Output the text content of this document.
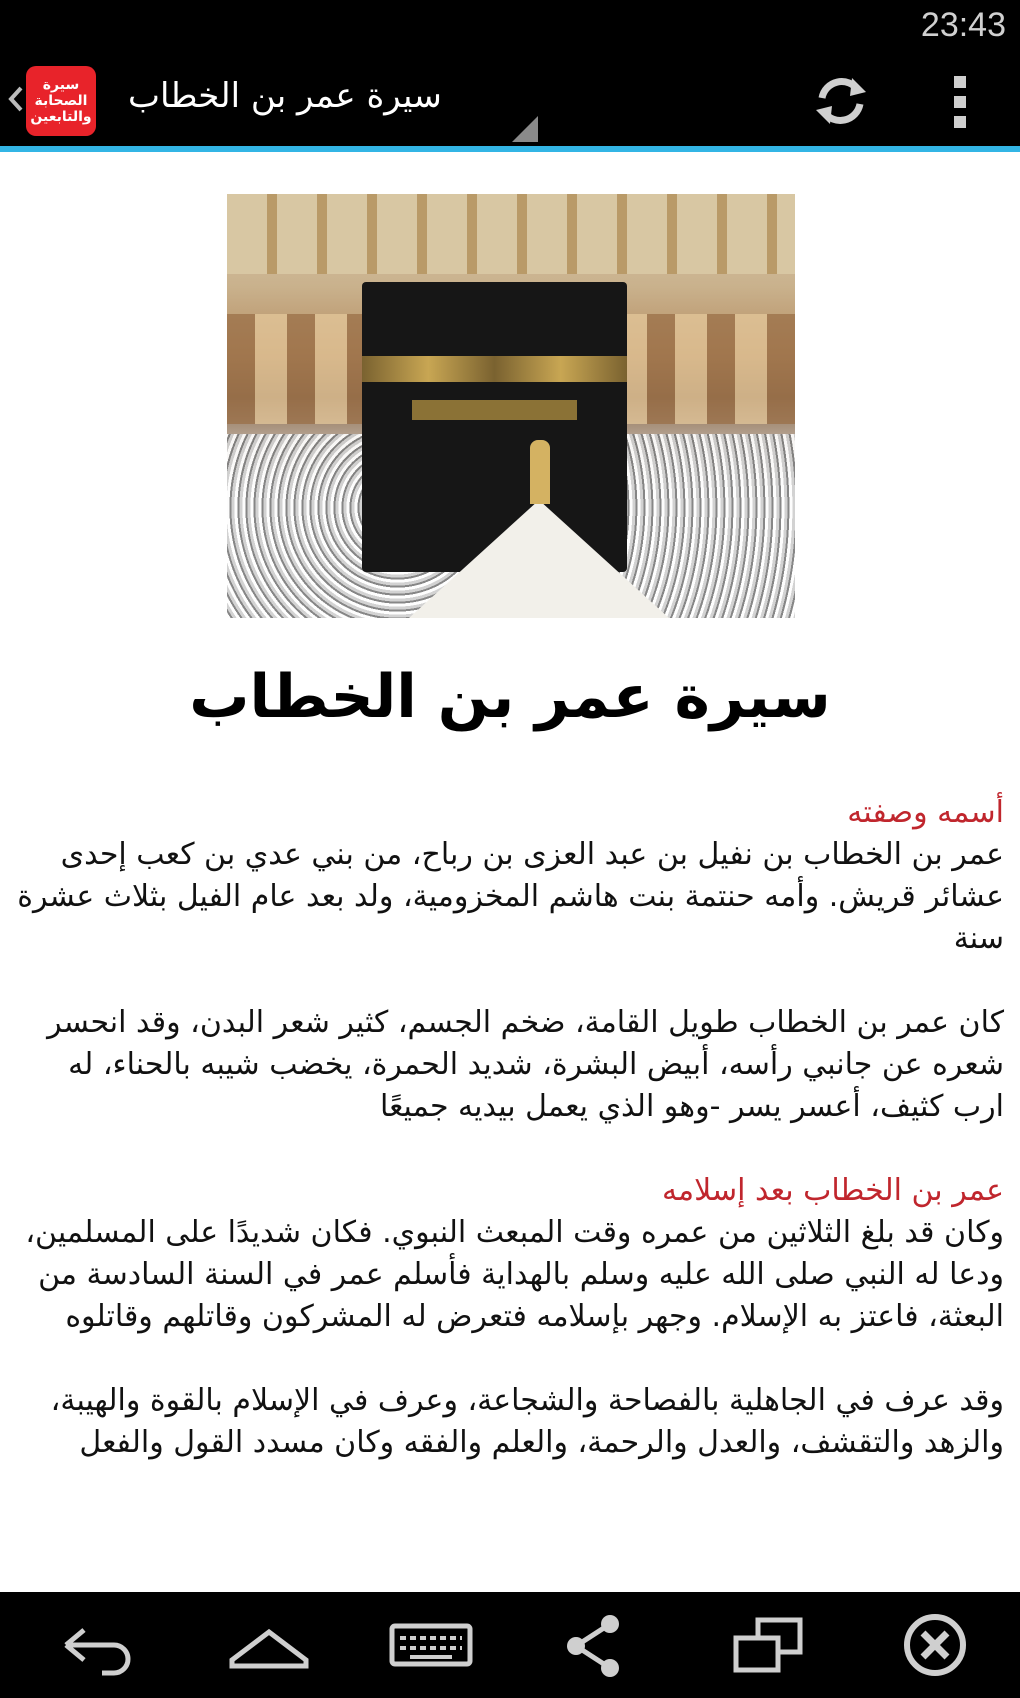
23:43
سيرة الصحابة والتابعين
سيرة عمر بن الخطاب
سيرة عمر بن الخطاب
أسمه وصفته

عمر بن الخطاب بن نفيل بن عبد العزى بن رباح، من بني عدي بن كعب إحدى عشائر قريش. وأمه حنتمة بنت هاشم المخزومية، ولد بعد عام الفيل بثلاث عشرة سنة

كان عمر بن الخطاب طويل القامة، ضخم الجسم، كثير شعر البدن، وقد انحسر شعره عن جانبي رأسه، أبيض البشرة، شديد الحمرة، يخضب شيبه بالحناء، له ارب كثيف، أعسر يسر -وهو الذي يعمل بيديه جميعًا

عمر بن الخطاب بعد إسلامه

وكان قد بلغ الثلاثين من عمره وقت المبعث النبوي. فكان شديدًا على المسلمين، ودعا له النبي صلى الله عليه وسلم بالهداية فأسلم عمر في السنة السادسة من البعثة، فاعتز به الإسلام. وجهر بإسلامه فتعرض له المشركون وقاتلهم وقاتلوه

وقد عرف في الجاهلية بالفصاحة والشجاعة، وعرف في الإسلام بالقوة والهيبة، والزهد والتقشف، والعدل والرحمة، والعلم والفقه وكان مسدد القول والفعل
